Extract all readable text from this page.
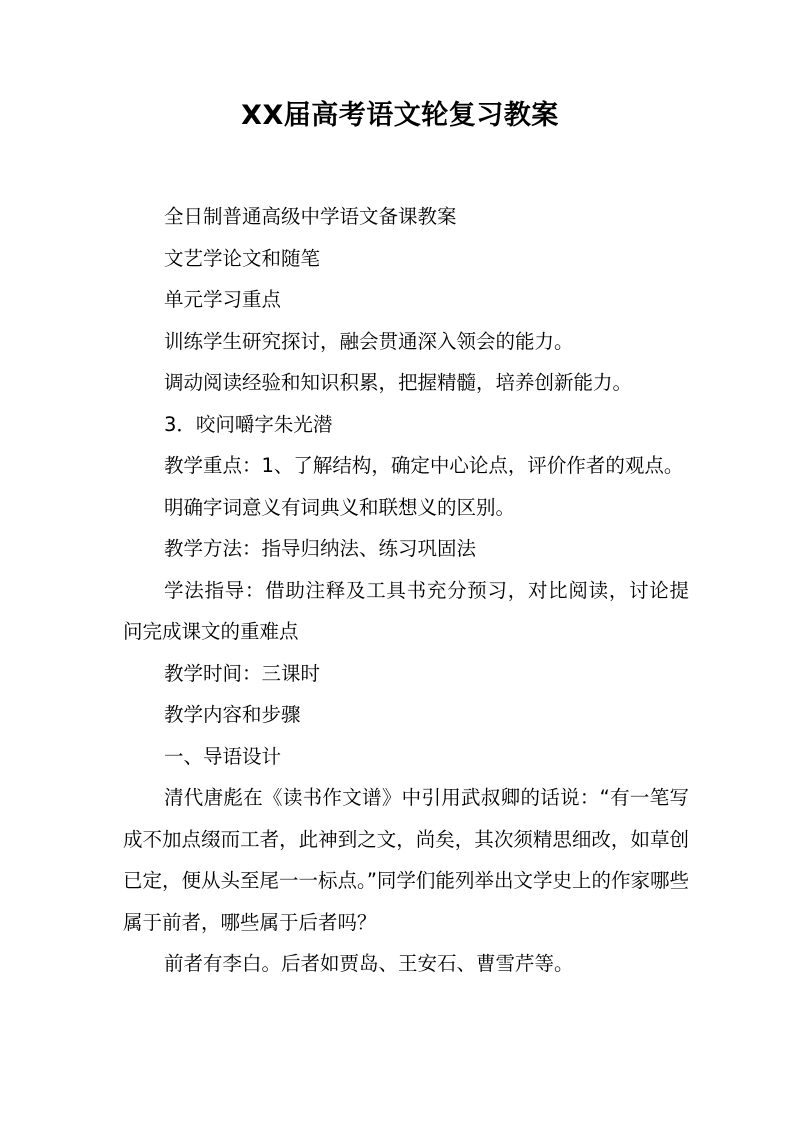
XX届高考语文轮复习教案

全日制普通高级中学语文备课教案

文艺学论文和随笔

单元学习重点

训练学生研究探讨，融会贯通深入领会的能力。

调动阅读经验和知识积累，把握精髓，培养创新能力。

3．咬问嚼字朱光潜

教学重点：1、了解结构，确定中心论点，评价作者的观点。

明确字词意义有词典义和联想义的区别。

教学方法：指导归纳法、练习巩固法

学法指导：借助注释及工具书充分预习，对比阅读，讨论提问完成课文的重难点

教学时间：三课时

教学内容和步骤

一、导语设计

清代唐彪在《读书作文谱》中引用武叔卿的话说：“有一笔写成不加点缀而工者，此神到之文，尚矣，其次须精思细改，如草创已定，便从头至尾一一标点。”同学们能列举出文学史上的作家哪些属于前者，哪些属于后者吗？

前者有李白。后者如贾岛、王安石、曹雪芹等。
